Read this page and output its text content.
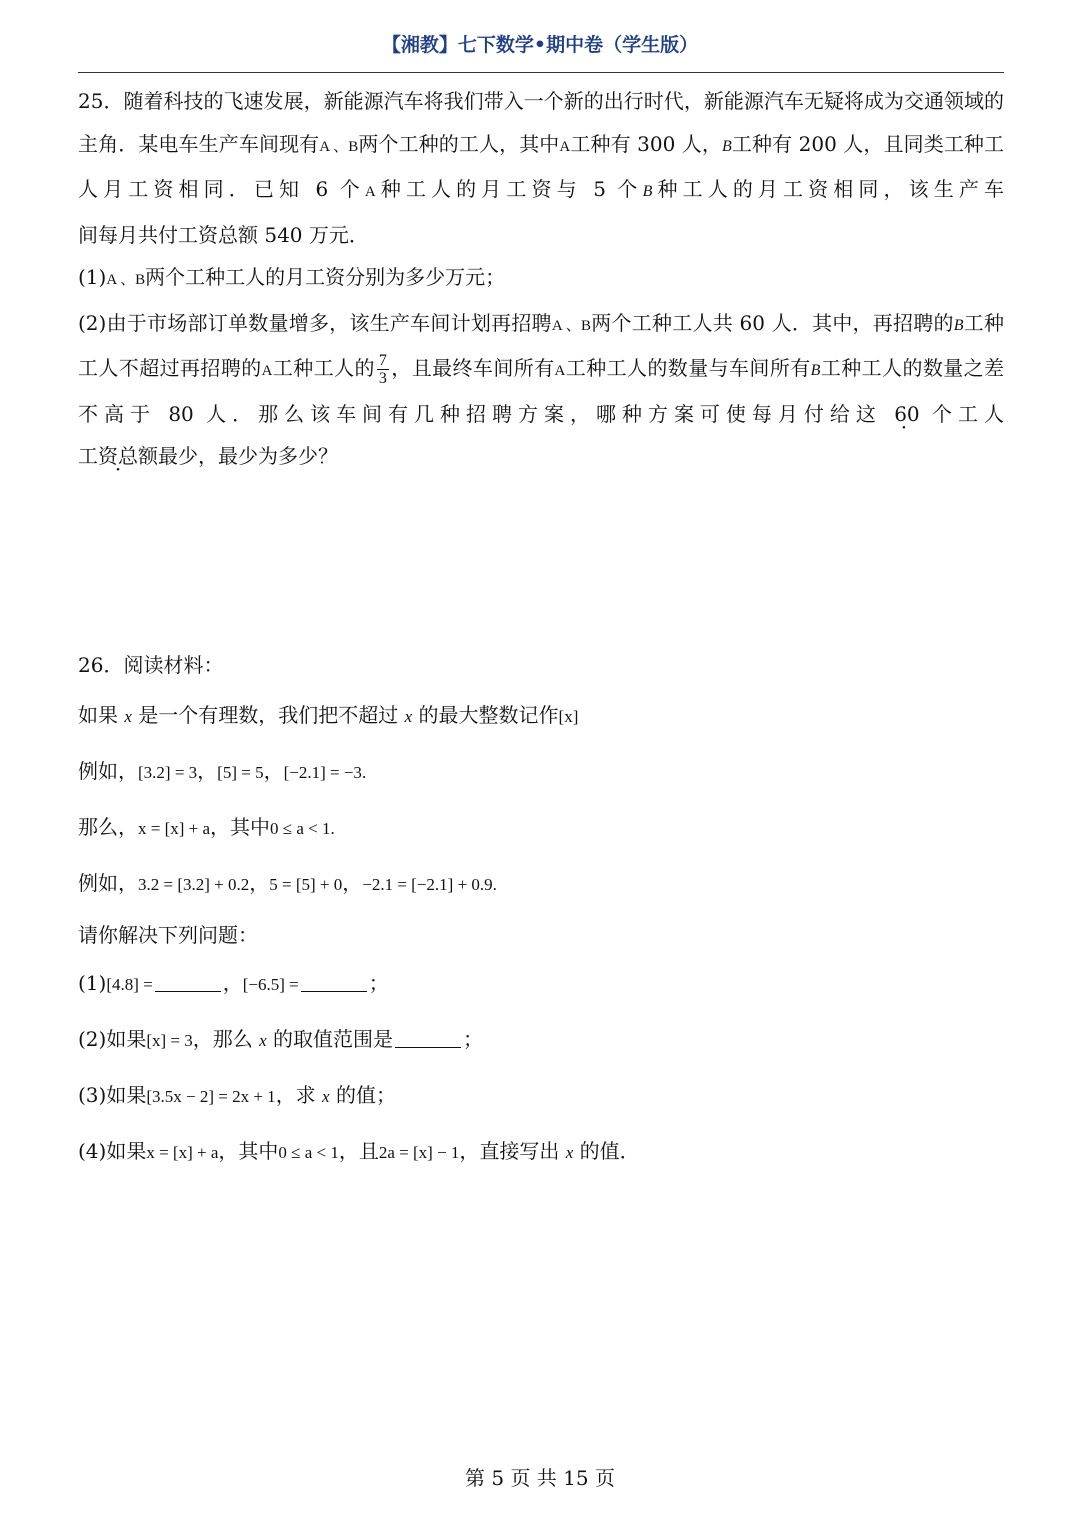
【湘教】七下数学•期中卷（学生版）

25．随着科技的飞速发展，新能源汽车将我们带入一个新的出行时代，新能源汽车无疑将成为交通领域的主角．某电车生产车间现有A 、B两个工种的工人，其中A工种有 300 人，B工种有 200 人，且同类工种工人月工资相同．已知 6 个A种工人的月工资与 5 个B种工人的月工资相同，该生产车

间每月共付工资总额 540 万元．

(1)A 、B两个工种工人的月工资分别为多少万元；

(2)由于市场部订单数量增多，该生产车间计划再招聘A 、B两个工种工人共 60 人．其中，再招聘的B工种工人不超过再招聘的A工种工人的 $\frac{7}{3}$ ，且最终车间所有A工种工人的数量与车间所有B工种工人的数量之差不高于 80 人．那么该车间有几种招聘方案，哪种方案可使每月付给这 60 个工人 ·

工资总额最少，最少为多少？

26．阅读材料：

如果 x 是一个有理数，我们把不超过 x 的最大整数记作[x]

例如，[3.2] = 3，[5] = 5，[−2.1] = −3.

那么，x = [x] + a，其中0 ≤ a < 1.

例如，3.2 = [3.2] + 0.2，5 = [5] + 0，−2.1 = [−2.1] + 0.9.

请你解决下列问题：

(1)[4.8] =	，[−6.5] =	；

(2)如果[x] = 3，那么 x 的取值范围是	；

(3)如果[3.5x − 2] = 2x + 1，求 x 的值；

(4)如果x = [x] + a，其中0 ≤ a < 1，且2a = [x] − 1，直接写出 x 的值．

第 5 页 共 15 页
